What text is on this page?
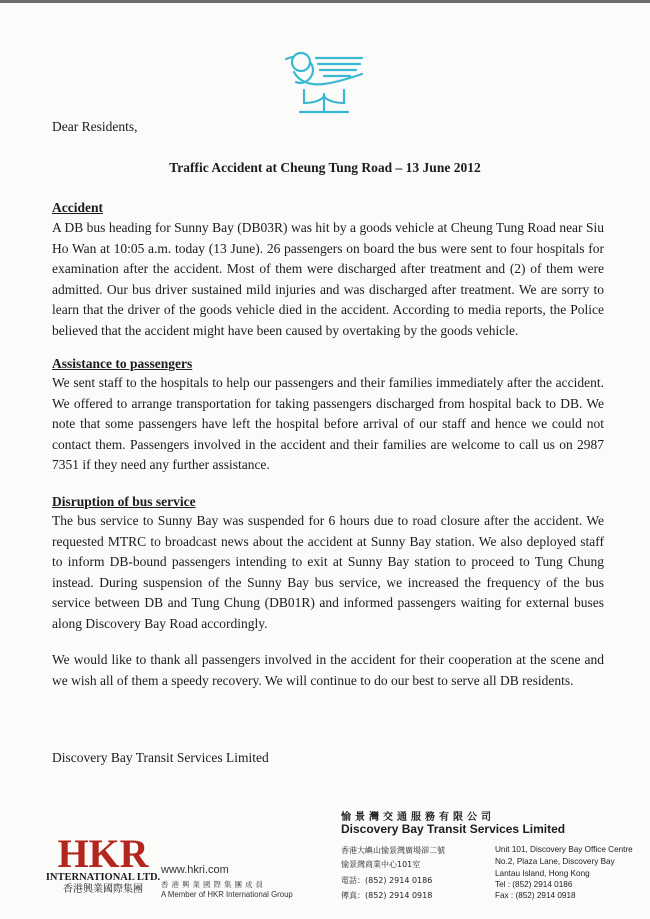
Dear Residents,
Traffic Accident at Cheung Tung Road – 13 June 2012
Accident

A DB bus heading for Sunny Bay (DB03R) was hit by a goods vehicle at Cheung Tung Road near Siu Ho Wan at 10:05 a.m. today (13 June). 26 passengers on board the bus were sent to four hospitals for examination after the accident. Most of them were discharged after treatment and (2) of them were admitted. Our bus driver sustained mild injuries and was discharged after treatment. We are sorry to learn that the driver of the goods vehicle died in the accident. According to media reports, the Police believed that the accident might have been caused by overtaking by the goods vehicle.

Assistance to passengers

We sent staff to the hospitals to help our passengers and their families immediately after the accident. We offered to arrange transportation for taking passengers discharged from hospital back to DB. We note that some passengers have left the hospital before arrival of our staff and hence we could not contact them. Passengers involved in the accident and their families are welcome to call us on 2987 7351 if they need any further assistance.

Disruption of bus service

The bus service to Sunny Bay was suspended for 6 hours due to road closure after the accident. We requested MTRC to broadcast news about the accident at Sunny Bay station. We also deployed staff to inform DB-bound passengers intending to exit at Sunny Bay station to proceed to Tung Chung instead. During suspension of the Sunny Bay bus service, we increased the frequency of the bus service between DB and Tung Chung (DB01R) and informed passengers waiting for external buses along Discovery Bay Road accordingly.

We would like to thank all passengers involved in the accident for their cooperation at the scene and we wish all of them a speedy recovery. We will continue to do our best to serve all DB residents.

Discovery Bay Transit Services Limited
HKR
INTERNATIONAL LTD.
香港興業國際集團
www.hkri.com
香港興業國際集團成員
A Member of HKR International Group
愉景灣交通服務有限公司
Discovery Bay Transit Services Limited
香港大嶼山愉景灣廣場卻二號
愉景灣商業中心101室
電話：(852) 2914 0186
傳真：(852) 2914 0918
Unit 101, Discovery Bay Office Centre
No.2, Plaza Lane, Discovery Bay
Lantau Island, Hong Kong
Tel : (852) 2914 0186
Fax : (852) 2914 0918
